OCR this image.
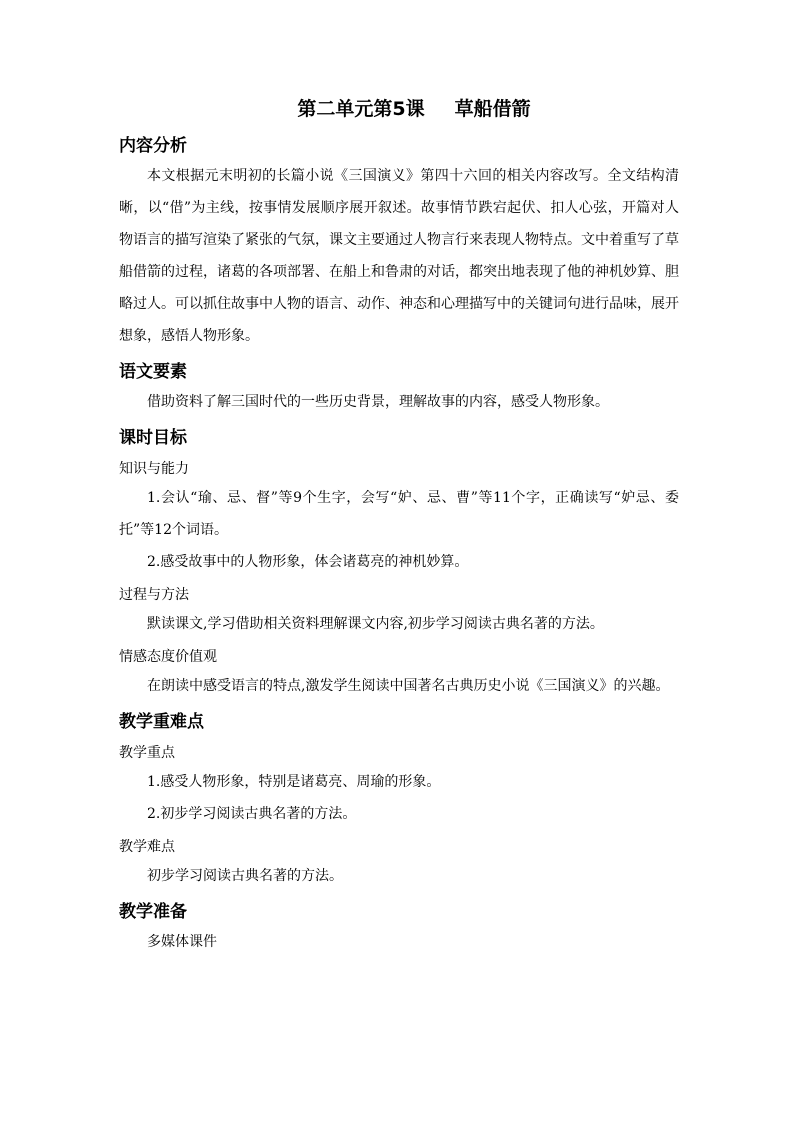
第二单元第5课 草船借箭
内容分析
本文根据元末明初的长篇小说《三国演义》第四十六回的相关内容改写。全文结构清晰，以“借”为主线，按事情发展顺序展开叙述。故事情节跌宕起伏、扣人心弦，开篇对人物语言的描写渲染了紧张的气氛，课文主要通过人物言行来表现人物特点。文中着重写了草船借箭的过程，诸葛的各项部署、在船上和鲁肃的对话，都突出地表现了他的神机妙算、胆略过人。可以抓住故事中人物的语言、动作、神态和心理描写中的关键词句进行品味，展开想象，感悟人物形象。
语文要素
借助资料了解三国时代的一些历史背景，理解故事的内容，感受人物形象。
课时目标
知识与能力
1.会认“瑜、忌、督”等9个生字，会写“妒、忌、曹”等11个字，正确读写“妒忌、委托”等12个词语。
2.感受故事中的人物形象，体会诸葛亮的神机妙算。
过程与方法
默读课文,学习借助相关资料理解课文内容,初步学习阅读古典名著的方法。
情感态度价值观
在朗读中感受语言的特点,激发学生阅读中国著名古典历史小说《三国演义》的兴趣。
教学重难点
教学重点
1.感受人物形象，特别是诸葛亮、周瑜的形象。
2.初步学习阅读古典名著的方法。
教学难点
初步学习阅读古典名著的方法。
教学准备
多媒体课件
